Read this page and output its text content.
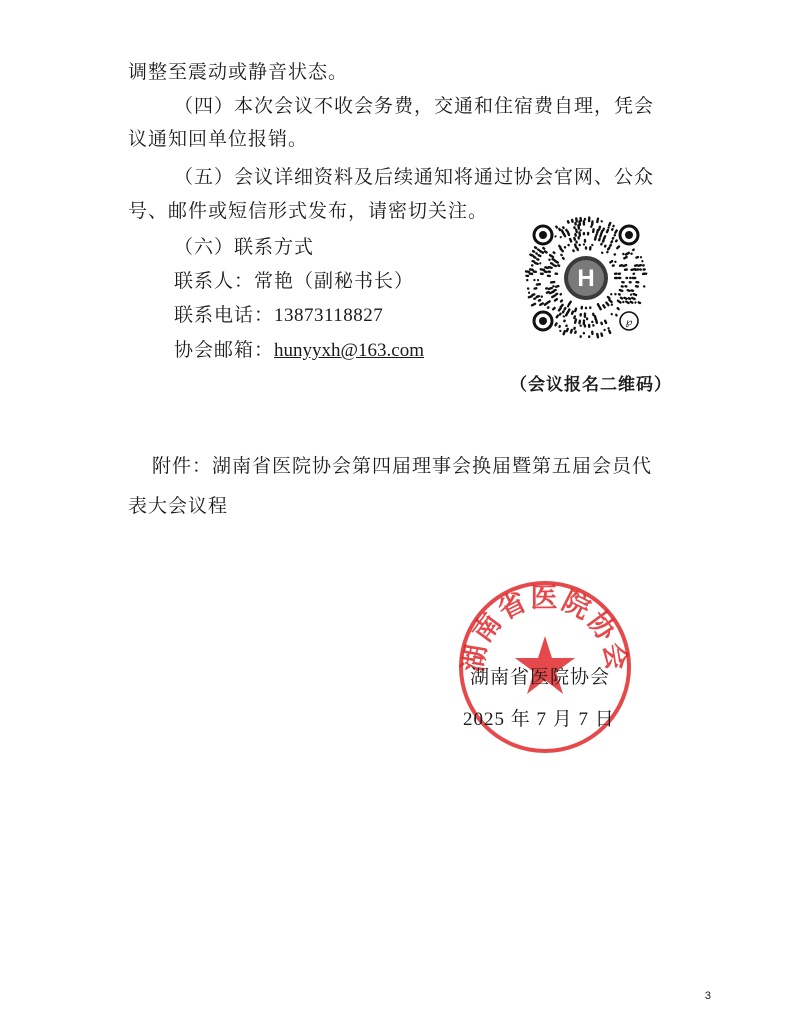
调整至震动或静音状态。
（四）本次会议不收会务费，交通和住宿费自理，凭会
议通知回单位报销。
（五）会议详细资料及后续通知将通过协会官网、公众
号、邮件或短信形式发布，请密切关注。
（六）联系方式
联系人：常艳（副秘书长）
联系电话：13873118827
协会邮箱：hunyyxh@163.com
H
℘
（会议报名二维码）
附件：湖南省医院协会第四届理事会换届暨第五届会员代
表大会议程
湖南省医院协会
湖南省医院协会
2025 年 7 月 7 日
3
